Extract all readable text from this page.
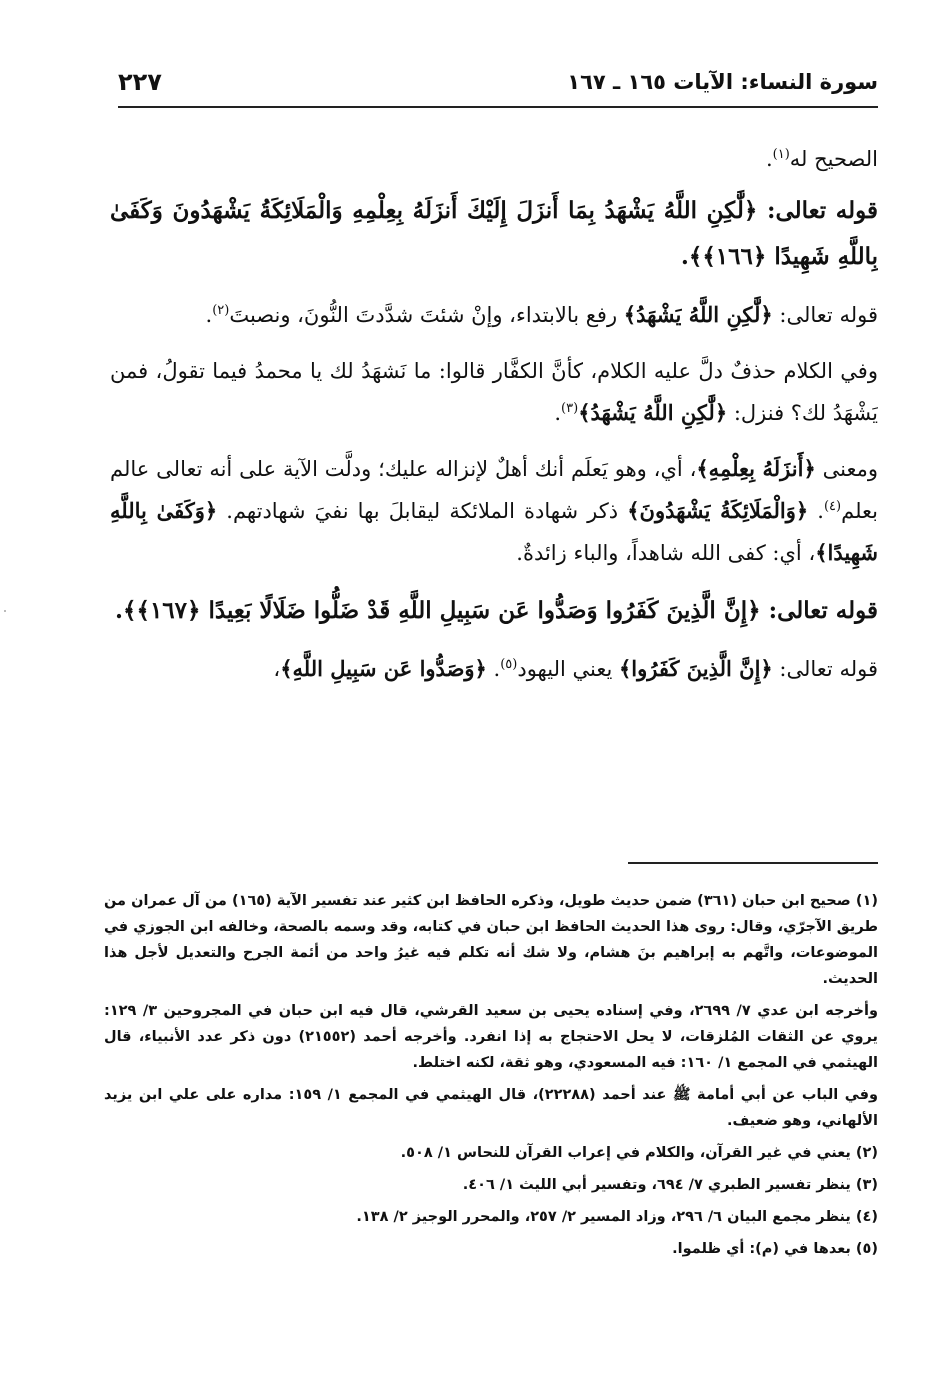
سورة النساء: الآيات ١٦٥ ـ ١٦٧
٢٢٧

الصحيح له$^{(١)}$.

قوله تعالى: ﴿لَّٰكِنِ اللَّهُ يَشْهَدُ بِمَا أَنزَلَ إِلَيْكَ أَنزَلَهُ بِعِلْمِهِ وَالْمَلَائِكَةُ يَشْهَدُونَ وَكَفَىٰ بِاللَّهِ شَهِيدًا ﴿١٦٦﴾﴾.

قوله تعالى: ﴿لَّٰكِنِ اللَّهُ يَشْهَدُ﴾ رفع بالابتداء، وإنْ شئتَ شدَّدتَ النُّونَ، ونصبتَ$^{(٢)}$.

وفي الكلام حذفٌ دلَّ عليه الكلام، كأنَّ الكفَّار قالوا: ما نَشهَدُ لك يا محمدُ فيما تقولُ، فمن يَشْهَدُ لك؟ فنزل: ﴿لَّٰكِنِ اللَّهُ يَشْهَدُ﴾$^{(٣)}$.

ومعنى ﴿أَنزَلَهُ بِعِلْمِهِ﴾، أي، وهو يَعلَم أنك أهلٌ لإنزاله عليك؛ ودلَّت الآية على أنه تعالى عالم بعلم$^{(٤)}$. ﴿وَالْمَلَائِكَةُ يَشْهَدُونَ﴾ ذكر شهادة الملائكة ليقابلَ بها نفيَ شهادتهم. ﴿وَكَفَىٰ بِاللَّهِ شَهِيدًا﴾، أي: كفى الله شاهداً، والباء زائدةٌ.

قوله تعالى: ﴿إِنَّ الَّذِينَ كَفَرُوا وَصَدُّوا عَن سَبِيلِ اللَّهِ قَدْ ضَلُّوا ضَلَالًا بَعِيدًا ﴿١٦٧﴾﴾.

قوله تعالى: ﴿إِنَّ الَّذِينَ كَفَرُوا﴾ يعني اليهود$^{(٥)}$. ﴿وَصَدُّوا عَن سَبِيلِ اللَّهِ﴾،

(١) صحيح ابن حبان (٣٦١) ضمن حديث طويل، وذكره الحافظ ابن كثير عند تفسير الآية (١٦٥) من آل عمران من طريق الآجرّي، وقال: روى هذا الحديث الحافظ ابن حبان في كتابه، وقد وسمه بالصحة، وخالفه ابن الجوزي في الموضوعات، واتَّهم به إبراهيم بنَ هشام، ولا شك أنه تكلم فيه غيرُ واحد من أئمة الجرح والتعديل لأجل هذا الحديث.

وأخرجه ابن عدي ٧/ ٢٦٩٩، وفي إسناده يحيى بن سعيد القرشي، قال فيه ابن حبان في المجروحين ٣/ ١٢٩: يروي عن الثقات المُلزقات، لا يحل الاحتجاج به إذا انفرد. وأخرجه أحمد (٢١٥٥٢) دون ذكر عدد الأنبياء، قال الهيثمي في المجمع ١/ ١٦٠: فيه المسعودي، وهو ثقة، لكنه اختلط.

وفي الباب عن أبي أمامة ﷺ عند أحمد (٢٢٢٨٨)، قال الهيثمي في المجمع ١/ ١٥٩: مداره على علي ابن يزيد الألهاني، وهو ضعيف.

(٢) يعني في غير القرآن، والكلام في إعراب القرآن للنحاس ١/ ٥٠٨.

(٣) ينظر تفسير الطبري ٧/ ٦٩٤، وتفسير أبي الليث ١/ ٤٠٦.

(٤) ينظر مجمع البيان ٦/ ٢٩٦، وزاد المسير ٢/ ٢٥٧، والمحرر الوجيز ٢/ ١٣٨.

(٥) بعدها في (م): أي ظلموا.
